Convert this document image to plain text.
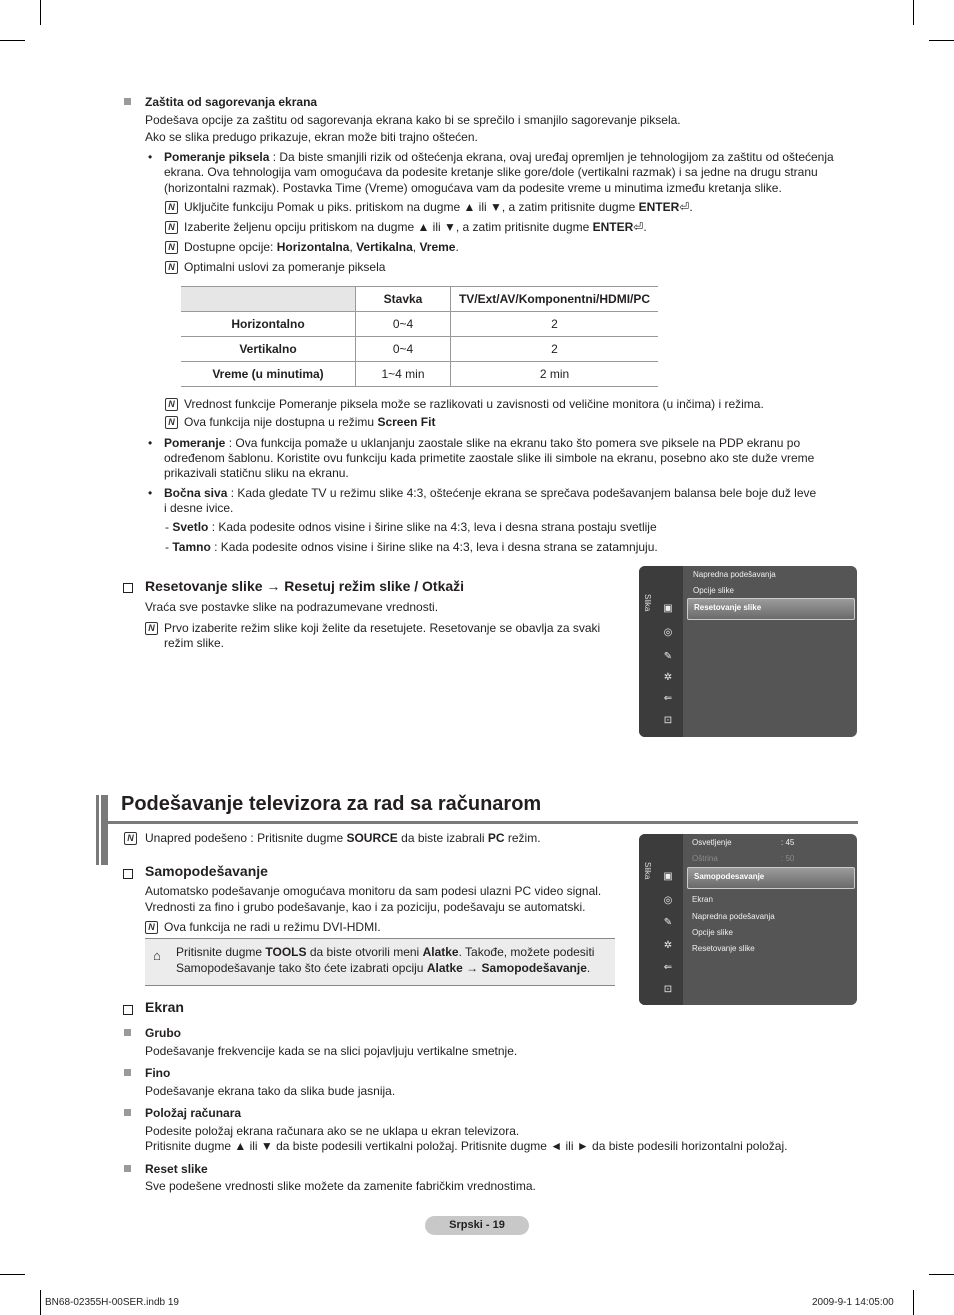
Zaštita od sagorevanja ekrana
Podešava opcije za zaštitu od sagorevanja ekrana kako bi se sprečilo i smanjilo sagorevanje piksela.
Ako se slika predugo prikazuje, ekran može biti trajno oštećen.
• Pomeranje piksela : Da biste smanjili rizik od oštećenja ekrana, ovaj uređaj opremljen je tehnologijom za zaštitu od oštećenja
ekrana. Ova tehnologija vam omogućava da podesite kretanje slike gore/dole (vertikalni razmak) i sa jedne na drugu stranu
(horizontalni razmak). Postavka Time (Vreme) omogućava vam da podesite vreme u minutima između kretanja slike.
N Uključite funkciju Pomak u piks. pritiskom na dugme ▲ ili ▼, a zatim pritisnite dugme ENTER⏎.
N Izaberite željenu opciju pritiskom na dugme ▲ ili ▼, a zatim pritisnite dugme ENTER⏎.
N Dostupne opcije: Horizontalna, Vertikalna, Vreme.
N Optimalni uslovi za pomeranje piksela
	Stavka	TV/Ext/AV/Komponentni/HDMI/PC
Horizontalno	0~4	2
Vertikalno	0~4	2
Vreme (u minutima)	1~4 min	2 min
N Vrednost funkcije Pomeranje piksela može se razlikovati u zavisnosti od veličine monitora (u inčima) i režima.
N Ova funkcija nije dostupna u režimu Screen Fit
• Pomeranje : Ova funkcija pomaže u uklanjanju zaostale slike na ekranu tako što pomera sve piksele na PDP ekranu po
određenom šablonu. Koristite ovu funkciju kada primetite zaostale slike ili simbole na ekranu, posebno ako ste duže vreme
prikazivali statičnu sliku na ekranu.
• Bočna siva : Kada gledate TV u režimu slike 4:3, oštećenje ekrana se sprečava podešavanjem balansa bele boje duž leve
i desne ivice.
- Svetlo : Kada podesite odnos visine i širine slike na 4:3, leva i desna strana postaju svetlije
- Tamno : Kada podesite odnos visine i širine slike na 4:3, leva i desna strana se zatamnjuju.
Resetovanje slike → Resetuj režim slike / Otkaži
Vraća sve postavke slike na podrazumevane vrednosti.
N Prvo izaberite režim slike koji želite da resetujete. Resetovanje se obavlja za svaki
režim slike.
Slika ▣
◎
✎
✲
⇐
⊡
Napredna podešavanja
Opcije slike
Resetovanje slike
Podešavanje televizora za rad sa računarom
N Unapred podešeno : Pritisnite dugme SOURCE da biste izabrali PC režim.
Samopodešavanje
Automatsko podešavanje omogućava monitoru da sam podesi ulazni PC video signal.
Vrednosti za fino i grubo podešavanje, kao i za poziciju, podešavaju se automatski.
N Ova funkcija ne radi u režimu DVI-HDMI.
⌂ Pritisnite dugme TOOLS da biste otvorili meni Alatke. Takođe, možete podesiti
Samopodešavanje tako što ćete izabrati opciju Alatke → Samopodešavanje.
Slika ▣
◎
✎
✲
⇐
⊡
Osvetljenje	: 45
Oštrina	: 50
Samopodesavanje
Ekran
Napredna podešavanja
Opcije slike
Resetovanje slike
Ekran
Grubo
Podešavanje frekvencije kada se na slici pojavljuju vertikalne smetnje.
Fino
Podešavanje ekrana tako da slika bude jasnija.
Položaj računara
Podesite položaj ekrana računara ako se ne uklapa u ekran televizora.
Pritisnite dugme ▲ ili ▼ da biste podesili vertikalni položaj. Pritisnite dugme ◄ ili ► da biste podesili horizontalni položaj.
Reset slike
Sve podešene vrednosti slike možete da zamenite fabričkim vrednostima.
Srpski - 19
BN68-02355H-00SER.indb 19	2009-9-1 14:05:00
